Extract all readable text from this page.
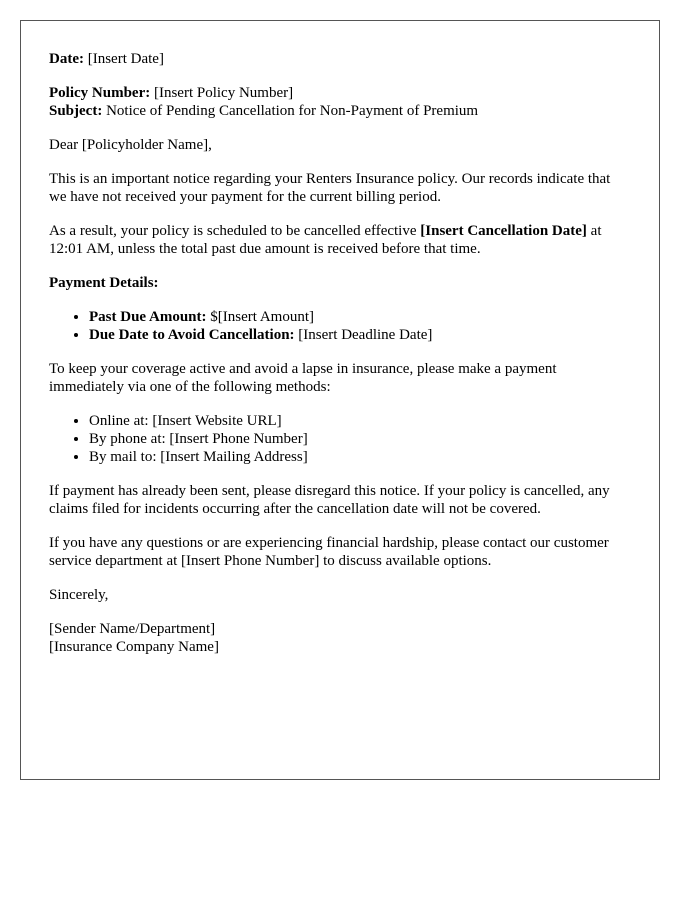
Date: [Insert Date]

Policy Number: [Insert Policy Number]

Subject: Notice of Pending Cancellation for Non-Payment of Premium

Dear [Policyholder Name],

This is an important notice regarding your Renters Insurance policy. Our records indicate that we have not received your payment for the current billing period.

As a result, your policy is scheduled to be cancelled effective [Insert Cancellation Date] at 12:01 AM, unless the total past due amount is received before that time.

Payment Details:

• Past Due Amount: $[Insert Amount]
• Due Date to Avoid Cancellation: [Insert Deadline Date]

To keep your coverage active and avoid a lapse in insurance, please make a payment immediately via one of the following methods:

• Online at: [Insert Website URL]
• By phone at: [Insert Phone Number]
• By mail to: [Insert Mailing Address]

If payment has already been sent, please disregard this notice. If your policy is cancelled, any claims filed for incidents occurring after the cancellation date will not be covered.

If you have any questions or are experiencing financial hardship, please contact our customer service department at [Insert Phone Number] to discuss available options.

Sincerely,

[Sender Name/Department]

[Insurance Company Name]
